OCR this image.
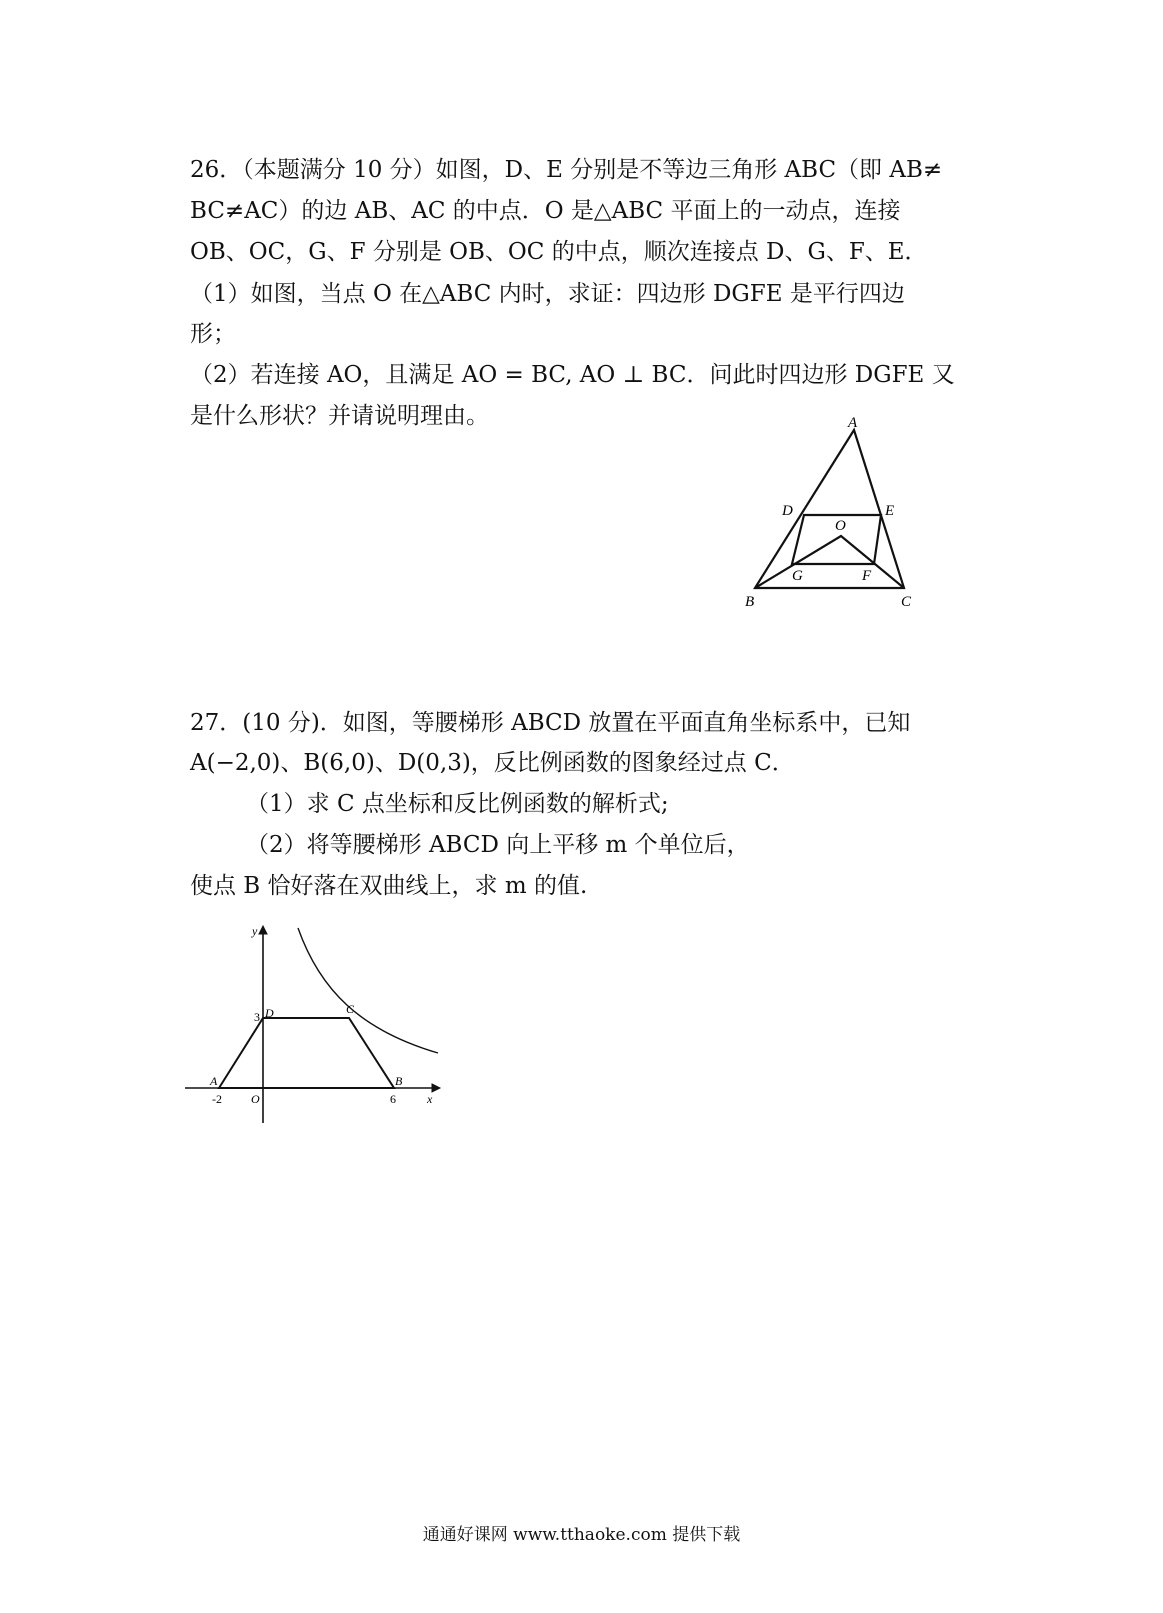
26．（本题满分 10 分）如图，D、E 分别是不等边三角形 ABC（即 AB≠
BC≠AC）的边 AB、AC 的中点．O 是△ABC 平面上的一动点，连接
OB、OC，G、F 分别是 OB、OC 的中点，顺次连接点 D、G、F、E．
（1）如图，当点 O 在△ABC 内时，求证：四边形 DGFE 是平行四边
形；
（2）若连接 AO，且满足 AO = BC, AO ⊥ BC．问此时四边形 DGFE 又
是什么形状？并请说明理由。	A
D	E
O
G	F
B	C
27．(10 分)．如图，等腰梯形 ABCD 放置在平面直角坐标系中，已知
A(−2,0)、B(6,0)、D(0,3)，反比例函数的图象经过点 C．
（1）求 C 点坐标和反比例函数的解析式;
（2）将等腰梯形 ABCD 向上平移 m 个单位后，
使点 B 恰好落在双曲线上，求 m 的值.
y
x
O
A	B
C
D
-2	6
3
通通好课网 www.tthaoke.com 提供下载
